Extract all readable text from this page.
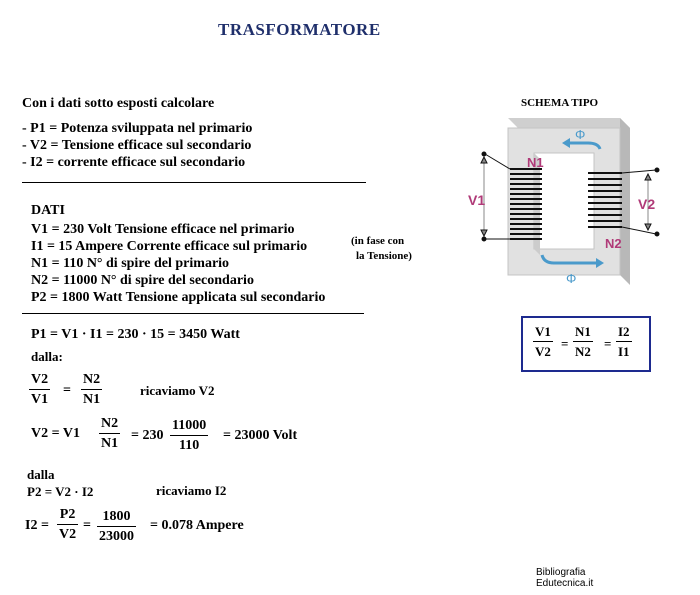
TRASFORMATORE
Con i dati sotto esposti calcolare
- P1 = Potenza sviluppata nel primario
- V2 = Tensione efficace sul secondario
- I2 = corrente efficace sul secondario
DATI
V1 = 230 Volt Tensione efficace nel primario
I1 = 15 Ampere Corrente efficace sul primario
N1 = 110 N° di spire del primario
N2 = 11000 N° di spire del secondario
P2 = 1800 Watt Tensione applicata sul secondario
(in fase con
la Tensione)
P1 = V1 · I1 = 230 · 15 = 3450 Watt
dalla:
V2
V1
=
N2
N1
ricaviamo V2
V2 = V1
N2
N1
= 230
11000
110
= 23000 Volt
dalla
P2 = V2 · I2	ricaviamo I2
I2 =
P2
V2
=
1800
23000
= 0.078 Ampere
SCHEMA TIPO
Φ
Φ
N1
N2
V1	V2
V1
V2
=
N1
N2
=
I2
I1
Bibliografia
Edutecnica.it
